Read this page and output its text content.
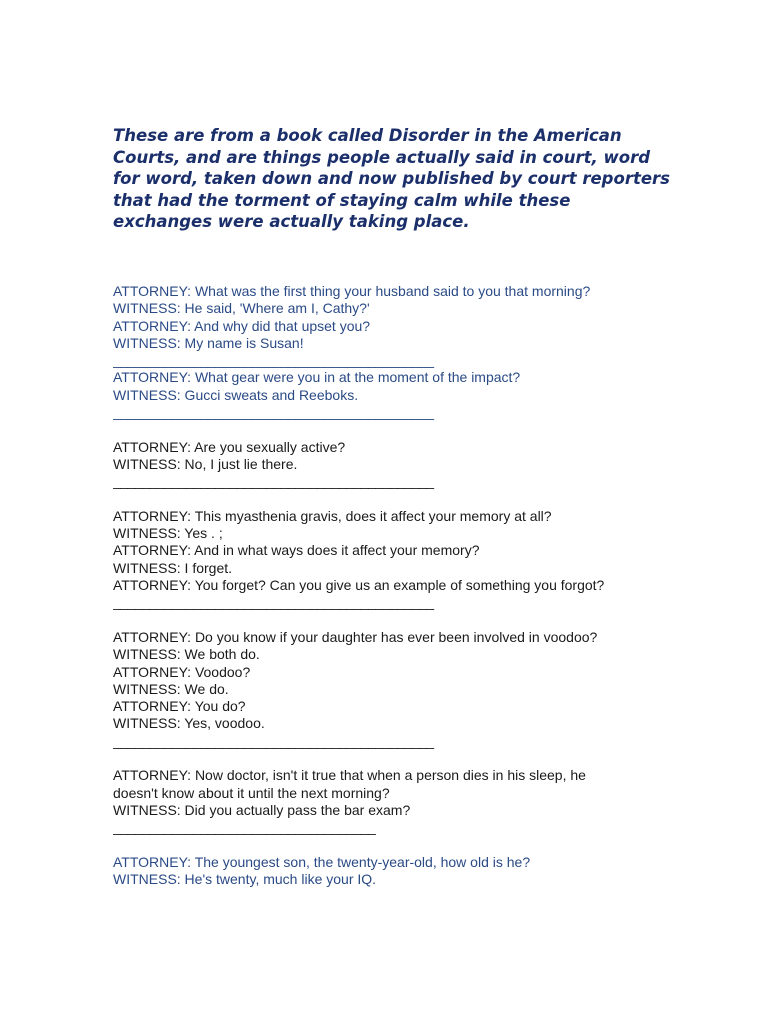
These are from a book called Disorder in the American Courts, and are things people actually said in court, word for word, taken down and now published by court reporters that had the torment of staying calm while these exchanges were actually taking place.

ATTORNEY: What was the first thing your husband said to you that morning?
WITNESS: He said, 'Where am I, Cathy?'
ATTORNEY: And why did that upset you?
WITNESS: My name is Susan!
____________________________________________
ATTORNEY: What gear were you in at the moment of the impact?
WITNESS: Gucci sweats and Reeboks.
____________________________________________
ATTORNEY: Are you sexually active?
WITNESS: No, I just lie there.
____________________________________________
ATTORNEY: This myasthenia gravis, does it affect your memory at all?
WITNESS: Yes . ;
ATTORNEY: And in what ways does it affect your memory?
WITNESS: I forget.
ATTORNEY: You forget? Can you give us an example of something you forgot?
____________________________________________
ATTORNEY: Do you know if your daughter has ever been involved in voodoo?
WITNESS: We both do.
ATTORNEY: Voodoo?
WITNESS: We do.
ATTORNEY: You do?
WITNESS: Yes, voodoo.
____________________________________________
ATTORNEY: Now doctor, isn't it true that when a person dies in his sleep, he
doesn't know about it until the next morning?
WITNESS: Did you actually pass the bar exam?
____________________________________
ATTORNEY: The youngest son, the twenty-year-old, how old is he?
WITNESS: He's twenty, much like your IQ.
